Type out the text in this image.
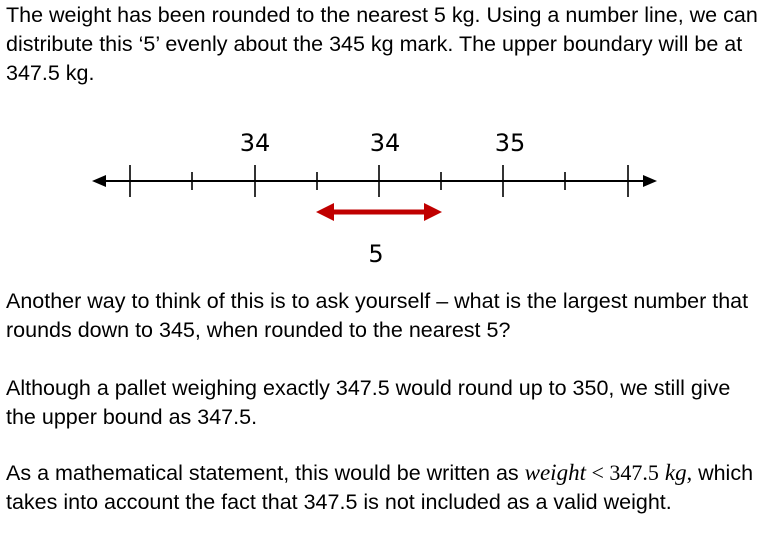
The weight has been rounded to the nearest 5 kg. Using a number line, we can distribute this ‘5’ evenly about the 345 kg mark. The upper boundary will be at 347.5 kg.

34	34	35
5

Another way to think of this is to ask yourself – what is the largest number that rounds down to 345, when rounded to the nearest 5?

Although a pallet weighing exactly 347.5 would round up to 350, we still give the upper bound as 347.5.

As a mathematical statement, this would be written as weight < 347.5 kg, which takes into account the fact that 347.5 is not included as a valid weight.
